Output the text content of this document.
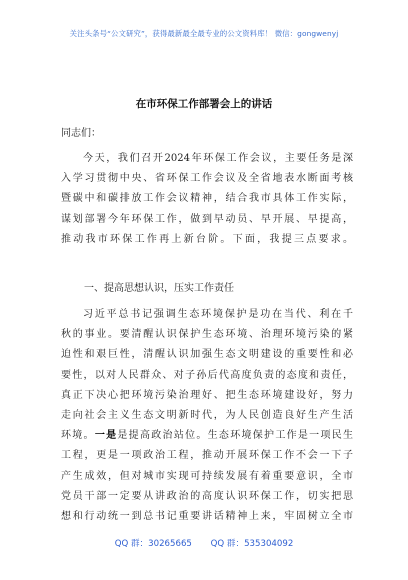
关注头条号“公文研究”，获得最新最全最专业的公文资料库！ 微信：gongwenyj
在市环保工作部署会上的讲话
同志们：
今天，我们召开2024年环保工作会议，主要任务是深
入学习贯彻中央、省环保工作会议及全省地表水断面考核
暨碳中和碳排放工作会议精神，结合我市具体工作实际，
谋划部署今年环保工作，做到早动员、早开展、早提高，
推动我市环保工作再上新台阶。下面，我提三点要求。
一、提高思想认识，压实工作责任
习近平总书记强调生态环境保护是功在当代、利在千
秋的事业。要清醒认识保护生态环境、治理环境污染的紧
迫性和艰巨性，清醒认识加强生态文明建设的重要性和必
要性，以对人民群众、对子孙后代高度负责的态度和责任，
真正下决心把环境污染治理好、把生态环境建设好，努力
走向社会主义生态文明新时代，为人民创造良好生产生活
环境。一是是提高政治站位。生态环境保护工作是一项民生
工程，更是一项政治工程，推动开展环保工作不会一下子
产生成效，但对城市实现可持续发展有着重要意识，全市
党员干部一定要从讲政治的高度认识环保工作，切实把思
想和行动统一到总书记重要讲话精神上来，牢固树立全市
QQ 群：30265665 QQ 群：535304092
